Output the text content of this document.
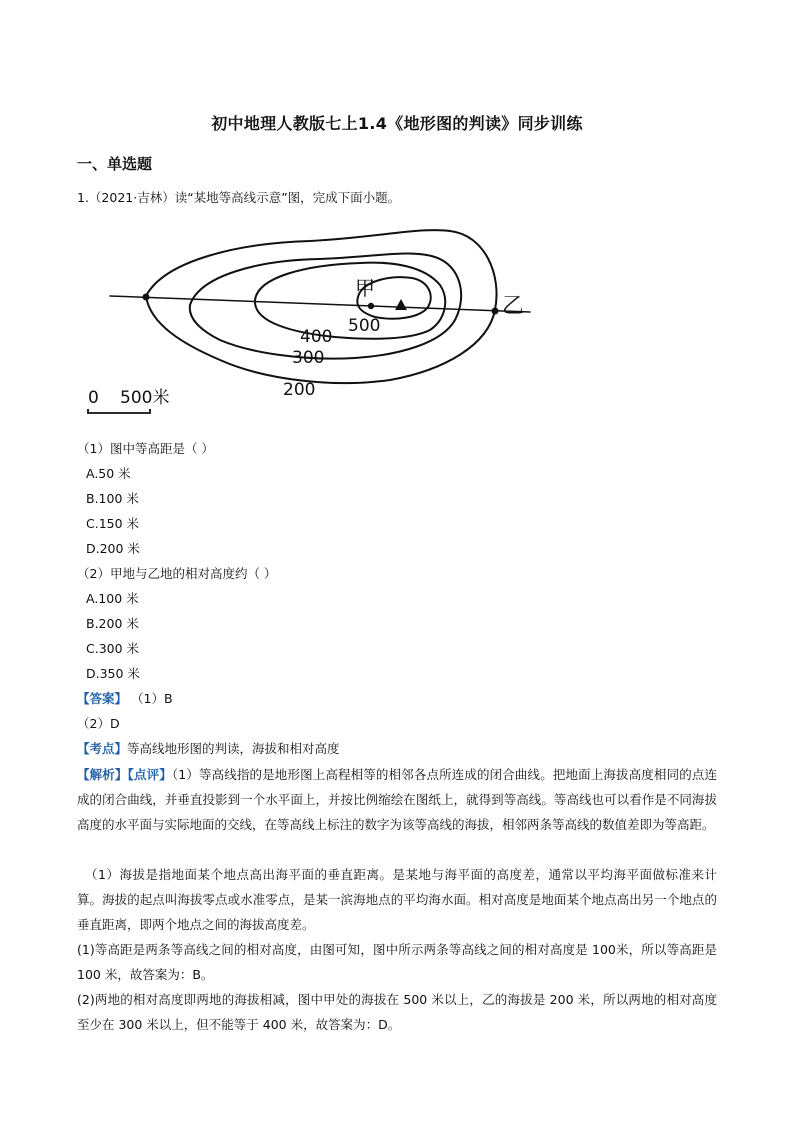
初中地理人教版七上1.4《地形图的判读》同步训练
一、单选题
1.（2021·吉林）读“某地等高线示意”图，完成下面小题。
甲
乙
500
400
300
200
0 500米
（1）图中等高距是（ ）
A.50 米
B.100 米
C.150 米
D.200 米
（2）甲地与乙地的相对高度约（ ）
A.100 米
B.200 米
C.300 米
D.350 米
【答案】 （1）B
（2）D
【考点】等高线地形图的判读，海拔和相对高度
【解析】【点评】（1）等高线指的是地形图上高程相等的相邻各点所连成的闭合曲线。把地面上海拔高度相同的点连成的闭合曲线，并垂直投影到一个水平面上，并按比例缩绘在图纸上，就得到等高线。等高线也可以看作是不同海拔高度的水平面与实际地面的交线，在等高线上标注的数字为该等高线的海拔，相邻两条等高线的数值差即为等高距。
（1）海拔是指地面某个地点高出海平面的垂直距离。是某地与海平面的高度差，通常以平均海平面做标准来计算。海拔的起点叫海拔零点或水准零点，是某一滨海地点的平均海水面。相对高度是地面某个地点高出另一个地点的垂直距离，即两个地点之间的海拔高度差。
(1)等高距是两条等高线之间的相对高度，由图可知，图中所示两条等高线之间的相对高度是 100米，所以等高距是 100 米，故答案为：B。
(2)两地的相对高度即两地的海拔相减，图中甲处的海拔在 500 米以上，乙的海拔是 200 米，所以两地的相对高度至少在 300 米以上，但不能等于 400 米，故答案为：D。
